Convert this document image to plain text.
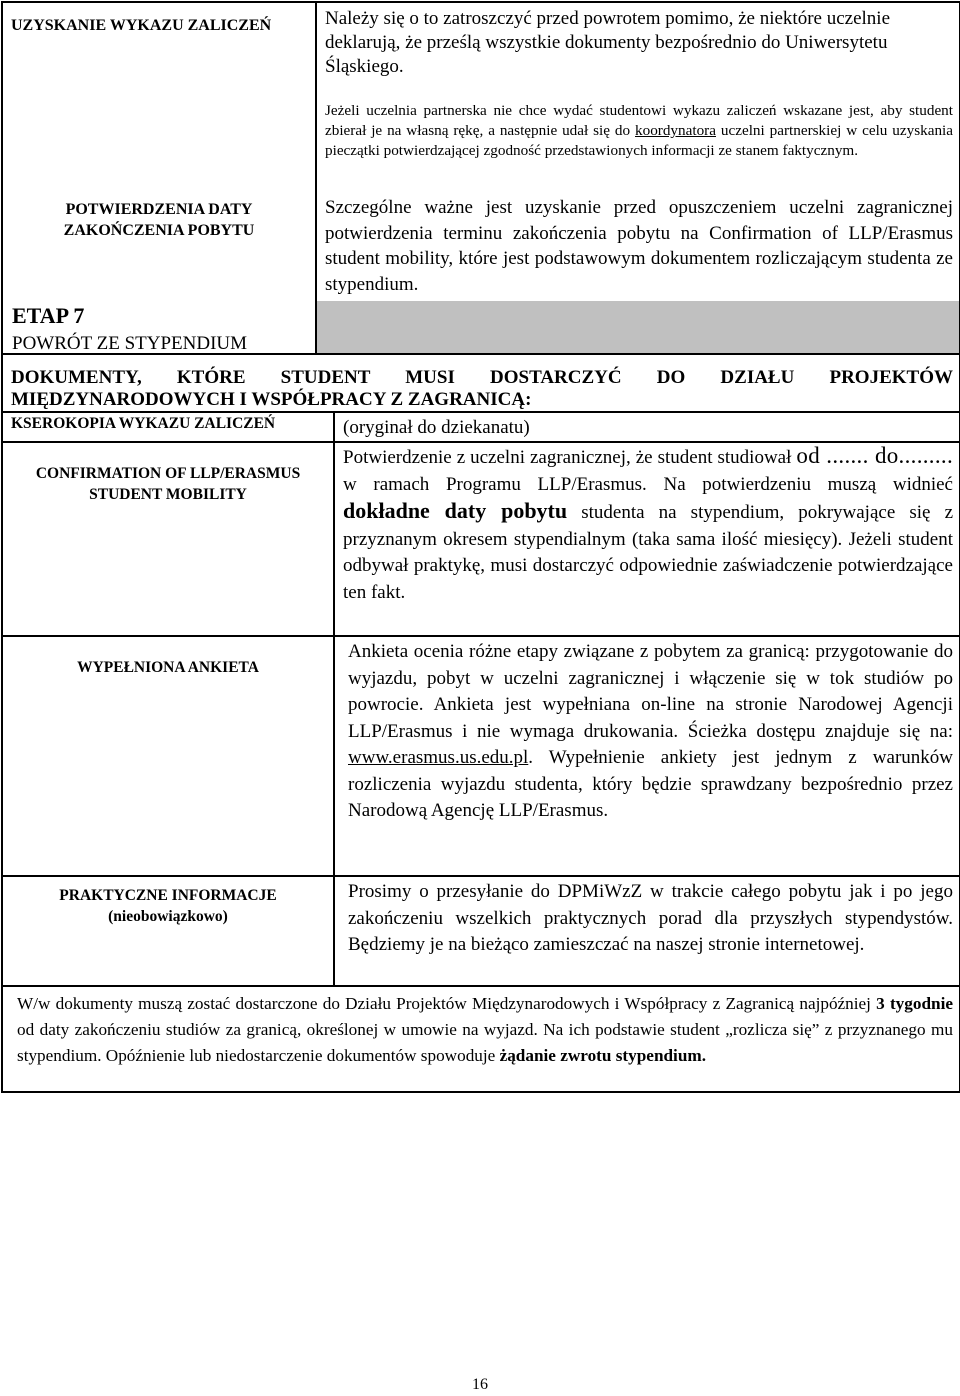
UZYSKANIE WYKAZU ZALICZEŃ
POTWIERDZENIA DATY
ZAKOŃCZENIA POBYTU
ETAP 7
POWRÓT ZE STYPENDIUM
Należy się o to zatroszczyć przed powrotem pomimo, że niektóre uczelnie deklarują, że prześlą wszystkie dokumenty bezpośrednio do Uniwersytetu Śląskiego.
Jeżeli uczelnia partnerska nie chce wydać studentowi wykazu zaliczeń wskazane jest, aby student zbierał je na własną rękę, a następnie udał się do koordynatora uczelni partnerskiej w celu uzyskania pieczątki potwierdzającej zgodność przedstawionych informacji ze stanem faktycznym.
Szczególne ważne jest uzyskanie przed opuszczeniem uczelni zagranicznej potwierdzenia terminu zakończenia pobytu na Confirmation of LLP/Erasmus student mobility, które jest podstawowym dokumentem rozliczającym studenta ze stypendium.
DOKUMENTY, KTÓRE STUDENT MUSI DOSTARCZYĆ DO DZIAŁU PROJEKTÓW MIĘDZYNARODOWYCH I WSPÓŁPRACY Z ZAGRANICĄ:
KSEROKOPIA WYKAZU ZALICZEŃ	(oryginał do dziekanatu)
CONFIRMATION OF LLP/ERASMUS
STUDENT MOBILITY
Potwierdzenie z uczelni zagranicznej, że student studiował od ....... do......... w ramach Programu LLP/Erasmus. Na potwierdzeniu muszą widnieć dokładne daty pobytu studenta na stypendium, pokrywające się z przyznanym okresem stypendialnym (taka sama ilość miesięcy). Jeżeli student odbywał praktykę, musi dostarczyć odpowiednie zaświadczenie potwierdzające ten fakt.
WYPEŁNIONA ANKIETA
Ankieta ocenia różne etapy związane z pobytem za granicą: przygotowanie do wyjazdu, pobyt w uczelni zagranicznej i włączenie się w tok studiów po powrocie. Ankieta jest wypełniana on-line na stronie Narodowej Agencji LLP/Erasmus i nie wymaga drukowania. Ścieżka dostępu znajduje się na: www.erasmus.us.edu.pl. Wypełnienie ankiety jest jednym z warunków rozliczenia wyjazdu studenta, który będzie sprawdzany bezpośrednio przez Narodową Agencję LLP/Erasmus.
PRAKTYCZNE INFORMACJE
(nieobowiązkowo)
Prosimy o przesyłanie do DPMiWzZ w trakcie całego pobytu jak i po jego zakończeniu wszelkich praktycznych porad dla przyszłych stypendystów. Będziemy je na bieżąco zamieszczać na naszej stronie internetowej.
W/w dokumenty muszą zostać dostarczone do Działu Projektów Międzynarodowych i Współpracy z Zagranicą najpóźniej 3 tygodnie od daty zakończeniu studiów za granicą, określonej w umowie na wyjazd. Na ich podstawie student „rozlicza się” z przyznanego mu stypendium. Opóźnienie lub niedostarczenie dokumentów spowoduje żądanie zwrotu stypendium.
16
